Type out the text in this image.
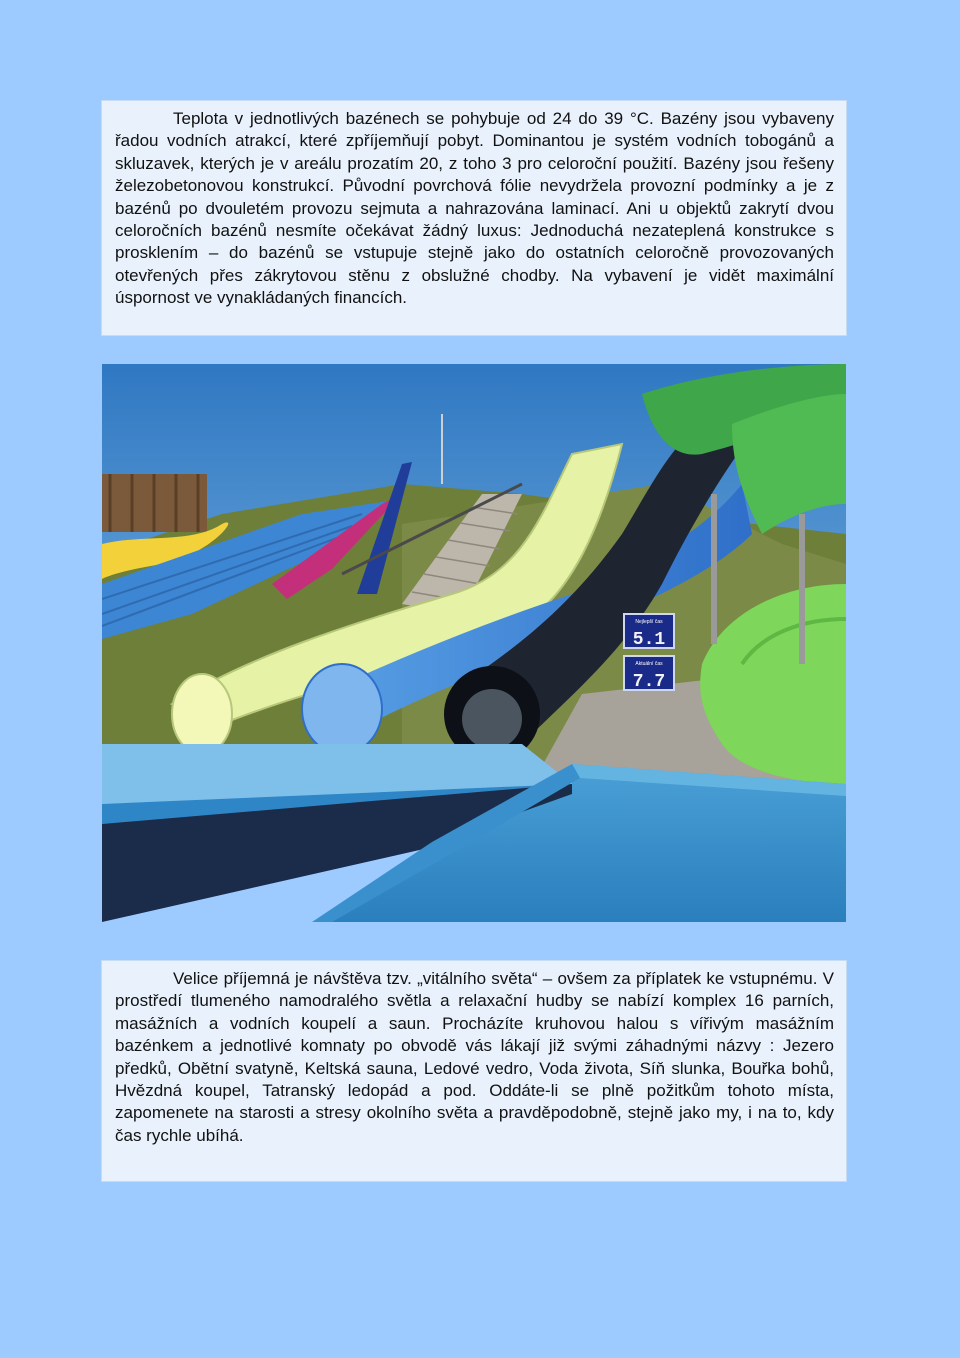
Teplota v jednotlivých bazénech se pohybuje od 24 do 39 °C. Bazény jsou vybaveny řadou vodních atrakcí, které zpříjemňují pobyt. Dominantou je systém vodních tobogánů a skluzavek, kterých je v areálu prozatím 20, z toho 3 pro celoroční použití. Bazény jsou řešeny železobetonovou konstrukcí. Původní povrchová fólie nevydržela provozní podmínky a je z bazénů po dvouletém provozu sejmuta a nahrazována laminací. Ani u objektů zakrytí dvou celoročních bazénů nesmíte očekávat žádný luxus: Jednoduchá nezateplená konstrukce s prosklením – do bazénů se vstupuje stejně jako do ostatních celoročně provozovaných otevřených přes zákrytovou stěnu z obslužné chodby. Na vybavení je vidět maximální úspornost ve vynakládaných financích.

Nejlepší čas
5.1
Aktuální čas
7.7

Velice příjemná je návštěva tzv. „vitálního světa“ – ovšem za příplatek ke vstupnému. V prostředí tlumeného namodralého světla a relaxační hudby se nabízí komplex 16 parních, masážních a vodních koupelí a saun. Procházíte kruhovou halou s vířivým masážním bazénkem a jednotlivé komnaty po obvodě vás lákají již svými záhadnými názvy : Jezero předků, Obětní svatyně, Keltská sauna, Ledové vedro, Voda života, Síň slunka, Bouřka bohů, Hvězdná koupel, Tatranský ledopád a pod. Oddáte-li se plně požitkům tohoto místa, zapomenete na starosti a stresy okolního světa a pravděpodobně, stejně jako my, i na to, kdy čas rychle ubíhá.
